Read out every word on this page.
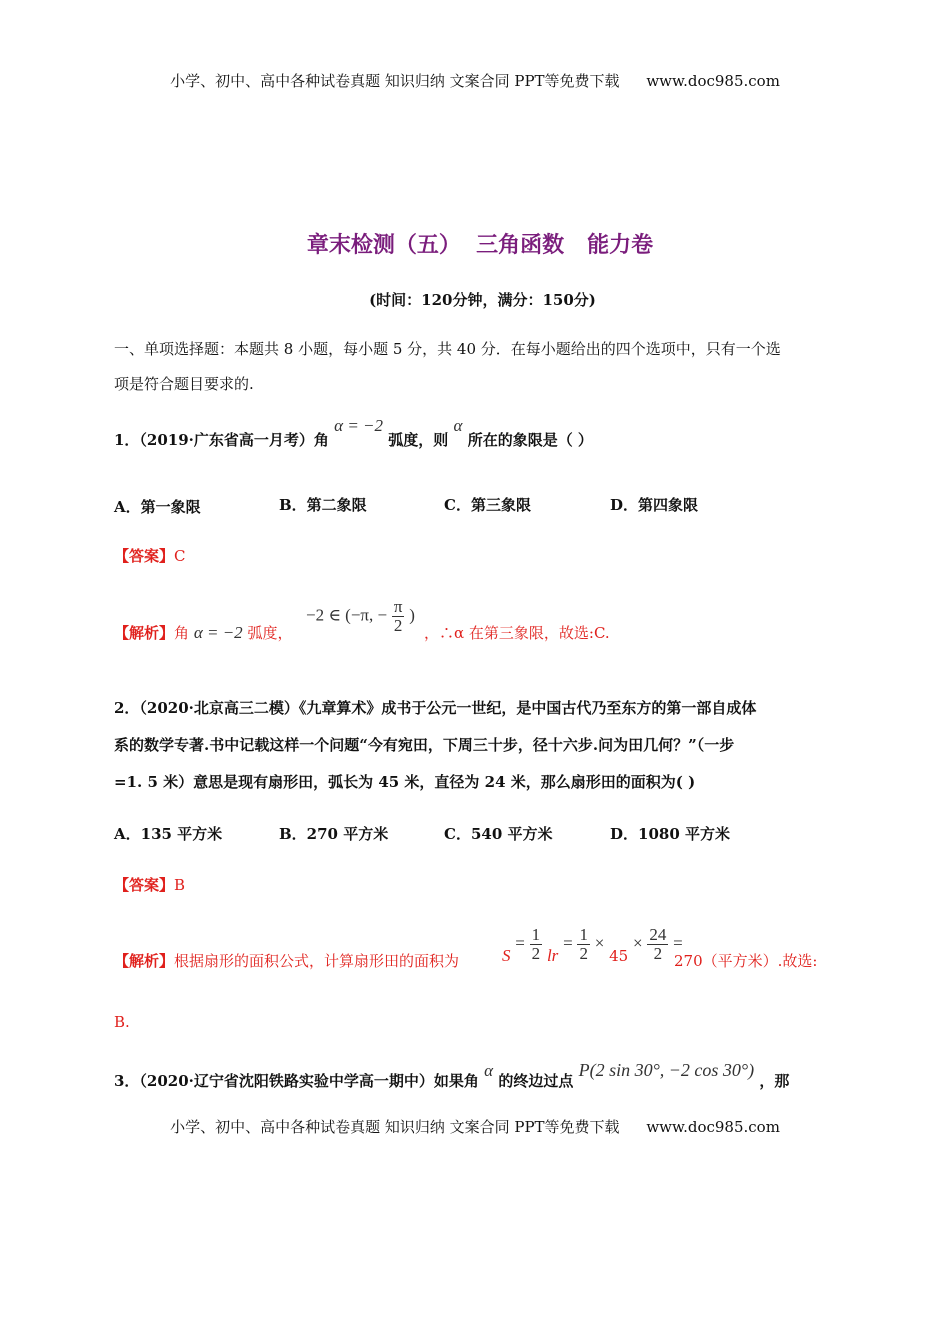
小学、初中、高中各种试卷真题 知识归纳 文案合同 PPT等免费下载 www.doc985.com
章末检测（五）  三角函数   能力卷
(时间：120分钟，满分：150分)
一、单项选择题：本题共 8 小题，每小题 5 分，共 40 分．在每小题给出的四个选项中，只有一个选
项是符合题目要求的.
1．（2019·广东省高一月考）角 α = −2 弧度，则 α 所在的象限是（ ）
A．第一象限	B．第二象限	C．第三象限	D．第四象限
【答案】C
【解析】角 α = −2 弧度，
−2 ∈ (−π, − $\frac{\pi}{2}$ )
，∴α 在第三象限，故选:C.
2．（2020·北京高三二模）《九章算术》成书于公元一世纪，是中国古代乃至东方的第一部自成体
系的数学专著.书中记载这样一个问题“今有宛田，下周三十步，径十六步.问为田几何？”（一步
=1. 5 米）意思是现有扇形田，弧长为 45 米，直径为 24 米，那么扇形田的面积为( )
A．135 平方米	B．270 平方米	C．540 平方米	D．1080 平方米
【答案】B
【解析】根据扇形的面积公式，计算扇形田的面积为	$S = \frac{1}{2}$ lr = $\frac{1}{2} \times 45 \times \frac{24}{2}$ =
270（平方米）.故选:
B.
3．（2020·辽宁省沈阳铁路实验中学高一期中）如果角 α 的终边过点 P(2 sin 30°, −2 cos 30°) ，那
小学、初中、高中各种试卷真题 知识归纳 文案合同 PPT等免费下载 www.doc985.com
